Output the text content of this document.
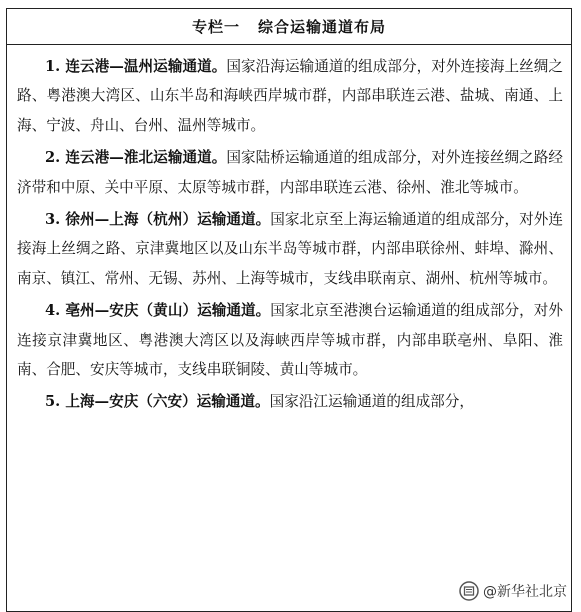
专栏一 综合运输通道布局

1. 连云港—温州运输通道。国家沿海运输通道的组成部分，对外连接海上丝绸之路、粤港澳大湾区、山东半岛和海峡西岸城市群，内部串联连云港、盐城、南通、上海、宁波、舟山、台州、温州等城市。

2. 连云港—淮北运输通道。国家陆桥运输通道的组成部分，对外连接丝绸之路经济带和中原、关中平原、太原等城市群，内部串联连云港、徐州、淮北等城市。

3. 徐州—上海（杭州）运输通道。国家北京至上海运输通道的组成部分，对外连接海上丝绸之路、京津冀地区以及山东半岛等城市群，内部串联徐州、蚌埠、滁州、南京、镇江、常州、无锡、苏州、上海等城市，支线串联南京、湖州、杭州等城市。

4. 亳州—安庆（黄山）运输通道。国家北京至港澳台运输通道的组成部分，对外连接京津冀地区、粤港澳大湾区以及海峡西岸等城市群，内部串联亳州、阜阳、淮南、合肥、安庆等城市，支线串联铜陵、黄山等城市。

5. 上海—安庆（六安）运输通道。国家沿江运输通道的组成部分，

@新华社北京
